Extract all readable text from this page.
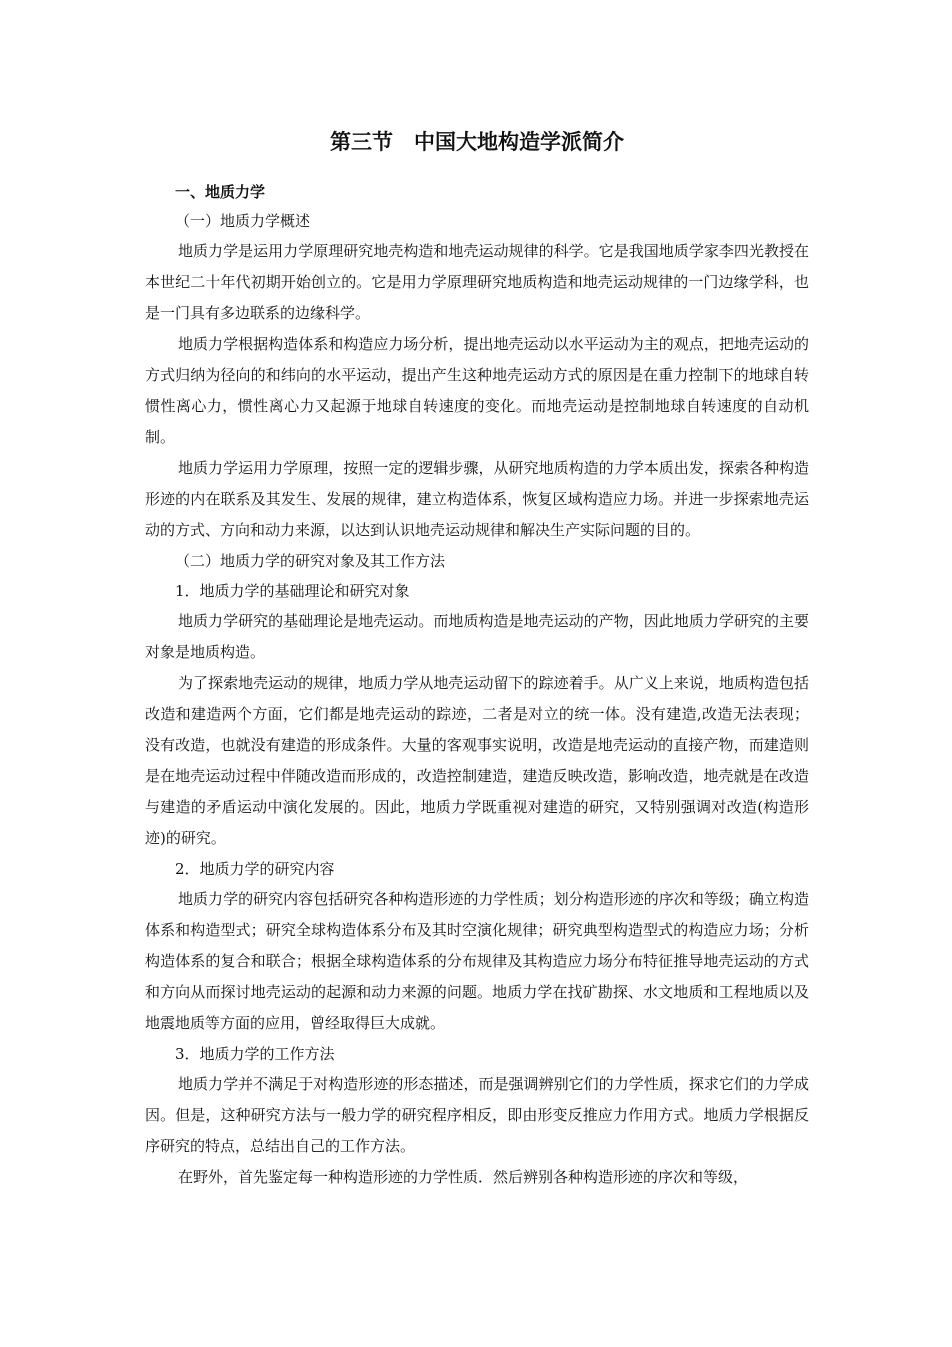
第三节　中国大地构造学派简介

一、地质力学

（一）地质力学概述

地质力学是运用力学原理研究地壳构造和地壳运动规律的科学。它是我国地质学家李四光教授在本世纪二十年代初期开始创立的。它是用力学原理研究地质构造和地壳运动规律的一门边缘学科，也是一门具有多边联系的边缘科学。

地质力学根据构造体系和构造应力场分析，提出地壳运动以水平运动为主的观点，把地壳运动的方式归纳为径向的和纬向的水平运动，提出产生这种地壳运动方式的原因是在重力控制下的地球自转惯性离心力，惯性离心力又起源于地球自转速度的变化。而地壳运动是控制地球自转速度的自动机制。

地质力学运用力学原理，按照一定的逻辑步骤，从研究地质构造的力学本质出发，探索各种构造形迹的内在联系及其发生、发展的规律，建立构造体系，恢复区域构造应力场。并进一步探索地壳运动的方式、方向和动力来源，以达到认识地壳运动规律和解决生产实际问题的目的。

（二）地质力学的研究对象及其工作方法

1．地质力学的基础理论和研究对象

地质力学研究的基础理论是地壳运动。而地质构造是地壳运动的产物，因此地质力学研究的主要对象是地质构造。

为了探索地壳运动的规律，地质力学从地壳运动留下的踪迹着手。从广义上来说，地质构造包括改造和建造两个方面，它们都是地壳运动的踪迹，二者是对立的统一体。没有建造,改造无法表现；没有改造，也就没有建造的形成条件。大量的客观事实说明，改造是地壳运动的直接产物，而建造则是在地壳运动过程中伴随改造而形成的，改造控制建造，建造反映改造，影响改造，地壳就是在改造与建造的矛盾运动中演化发展的。因此，地质力学既重视对建造的研究，又特别强调对改造(构造形迹)的研究。

2．地质力学的研究内容

地质力学的研究内容包括研究各种构造形迹的力学性质；划分构造形迹的序次和等级；确立构造体系和构造型式；研究全球构造体系分布及其时空演化规律；研究典型构造型式的构造应力场；分析构造体系的复合和联合；根据全球构造体系的分布规律及其构造应力场分布特征推导地壳运动的方式和方向从而探讨地壳运动的起源和动力来源的问题。地质力学在找矿勘探、水文地质和工程地质以及地震地质等方面的应用，曾经取得巨大成就。

3．地质力学的工作方法

地质力学并不满足于对构造形迹的形态描述，而是强调辨别它们的力学性质，探求它们的力学成因。但是，这种研究方法与一般力学的研究程序相反，即由形变反推应力作用方式。地质力学根据反序研究的特点，总结出自己的工作方法。

在野外，首先鉴定每一种构造形迹的力学性质．然后辨别各种构造形迹的序次和等级，
